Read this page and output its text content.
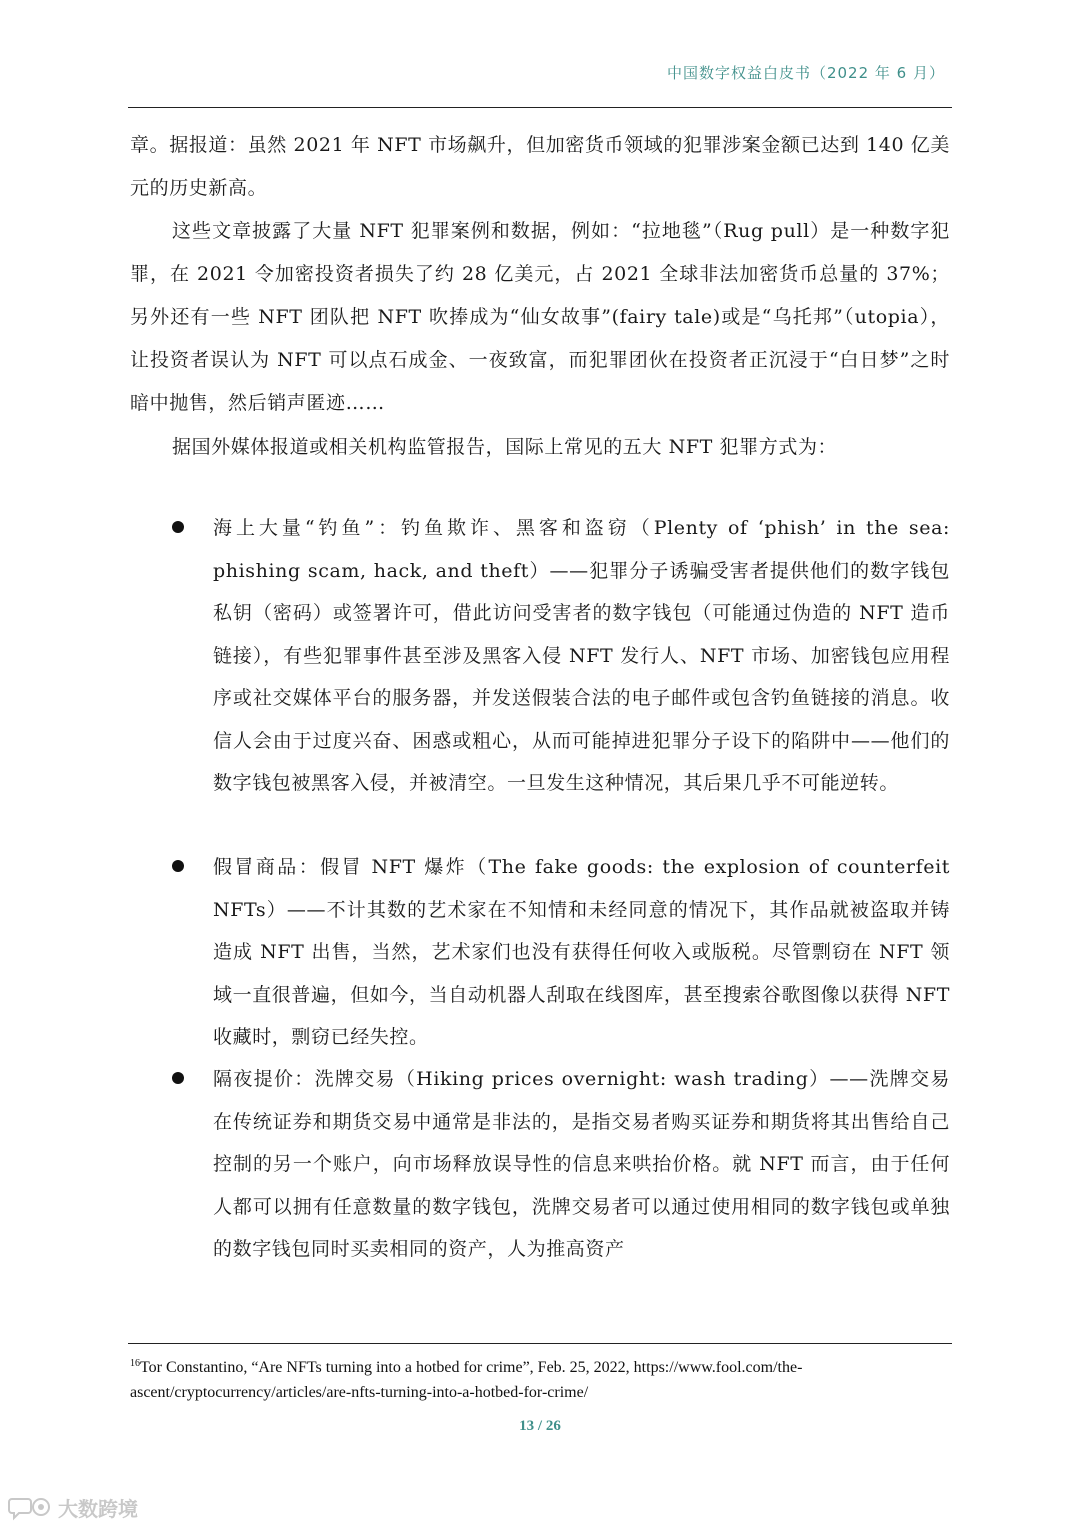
中国数字权益白皮书（2022 年 6 月）

章。据报道：虽然 2021 年 NFT 市场飙升，但加密货币领域的犯罪涉案金额已达到 140 亿美元的历史新高。

这些文章披露了大量 NFT 犯罪案例和数据，例如：“拉地毯”（Rug pull）是一种数字犯罪，在 2021 令加密投资者损失了约 28 亿美元，占 2021 全球非法加密货币总量的 37%；另外还有一些 NFT 团队把 NFT 吹捧成为“仙女故事”(fairy tale)或是“乌托邦”（utopia），让投资者误认为 NFT 可以点石成金、一夜致富，而犯罪团伙在投资者正沉浸于“白日梦”之时暗中抛售，然后销声匿迹……

据国外媒体报道或相关机构监管报告，国际上常见的五大 NFT 犯罪方式为：

海上大量“钓鱼”：钓鱼欺诈、黑客和盗窃（Plenty of ‘phish’ in the sea: phishing scam, hack, and theft）——犯罪分子诱骗受害者提供他们的数字钱包私钥（密码）或签署许可，借此访问受害者的数字钱包（可能通过伪造的 NFT 造币链接），有些犯罪事件甚至涉及黑客入侵 NFT 发行人、NFT 市场、加密钱包应用程序或社交媒体平台的服务器，并发送假装合法的电子邮件或包含钓鱼链接的消息。收信人会由于过度兴奋、困惑或粗心，从而可能掉进犯罪分子设下的陷阱中——他们的数字钱包被黑客入侵，并被清空。一旦发生这种情况，其后果几乎不可能逆转。

假冒商品：假冒 NFT 爆炸（The fake goods: the explosion of counterfeit NFTs）——不计其数的艺术家在不知情和未经同意的情况下，其作品就被盗取并铸造成 NFT 出售，当然，艺术家们也没有获得任何收入或版税。尽管剽窃在 NFT 领域一直很普遍，但如今，当自动机器人刮取在线图库，甚至搜索谷歌图像以获得 NFT 收藏时，剽窃已经失控。

隔夜提价：洗牌交易（Hiking prices overnight: wash trading）——洗牌交易在传统证券和期货交易中通常是非法的，是指交易者购买证券和期货将其出售给自己控制的另一个账户，向市场释放误导性的信息来哄抬价格。就 NFT 而言，由于任何人都可以拥有任意数量的数字钱包，洗牌交易者可以通过使用相同的数字钱包或单独的数字钱包同时买卖相同的资产，人为推高资产

$^{16}$Tor Constantino, “Are NFTs turning into a hotbed for crime”, Feb. 25, 2022, https://www.fool.com/the-ascent/cryptocurrency/articles/are-nfts-turning-into-a-hotbed-for-crime/
13 / 26
大数跨境
